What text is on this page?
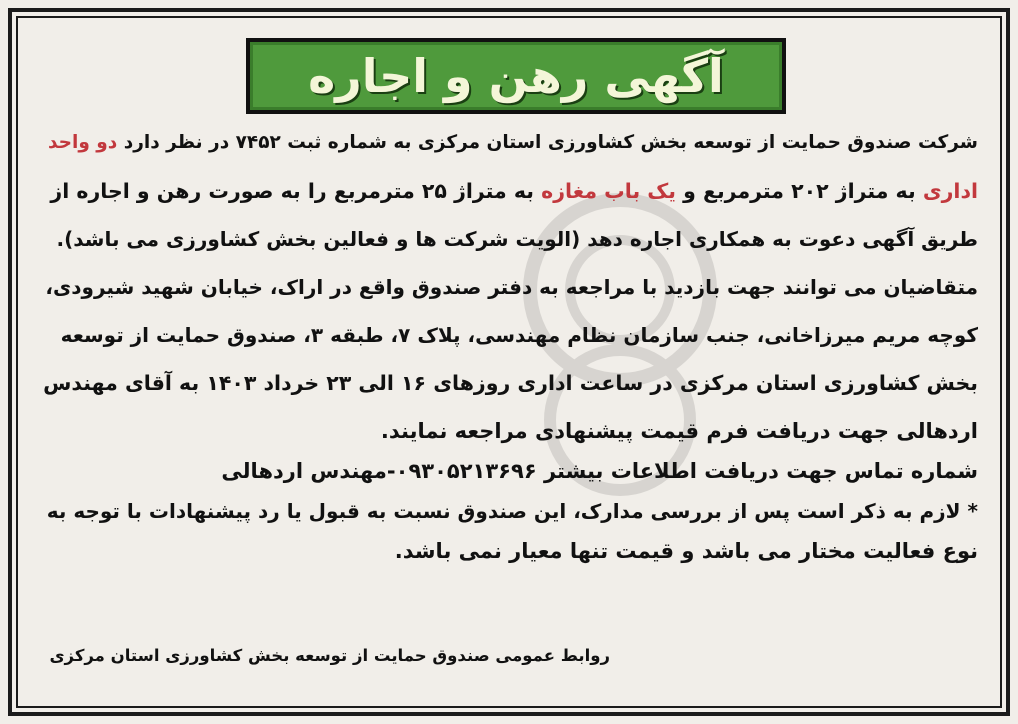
آگهی رهن و اجاره
شرکت صندوق حمایت از توسعه بخش کشاورزی استان مرکزی به شماره ثبت ۷۴۵۲ در نظر دارد دو واحد
اداری به متراژ ۲۰۲ مترمربع و یک باب مغازه به متراژ ۲۵ مترمربع را به صورت رهن و اجاره از
طریق آگهی دعوت به همکاری اجاره دهد (الویت شرکت ها و فعالین بخش کشاورزی می باشد).
متقاضیان می توانند جهت بازدید با مراجعه به دفتر صندوق واقع در اراک، خیابان شهید شیرودی،
کوچه مریم میرزاخانی، جنب سازمان نظام مهندسی، پلاک ۷، طبقه ۳، صندوق حمایت از توسعه
بخش کشاورزی استان مرکزی در ساعت اداری روزهای ۱۶ الی ۲۳ خرداد ۱۴۰۳ به آقای مهندس
اردهالی جهت دریافت فرم قیمت پیشنهادی مراجعه نمایند.
شماره تماس جهت دریافت اطلاعات بیشتر ۰۹۳۰۵۲۱۳۶۹۶-مهندس اردهالی
* لازم به ذکر است پس از بررسی مدارک، این صندوق نسبت به قبول یا رد پیشنهادات با توجه به
نوع فعالیت مختار می باشد و قیمت تنها معیار نمی باشد.
روابط عمومی صندوق حمایت از توسعه بخش کشاورزی استان مرکزی
